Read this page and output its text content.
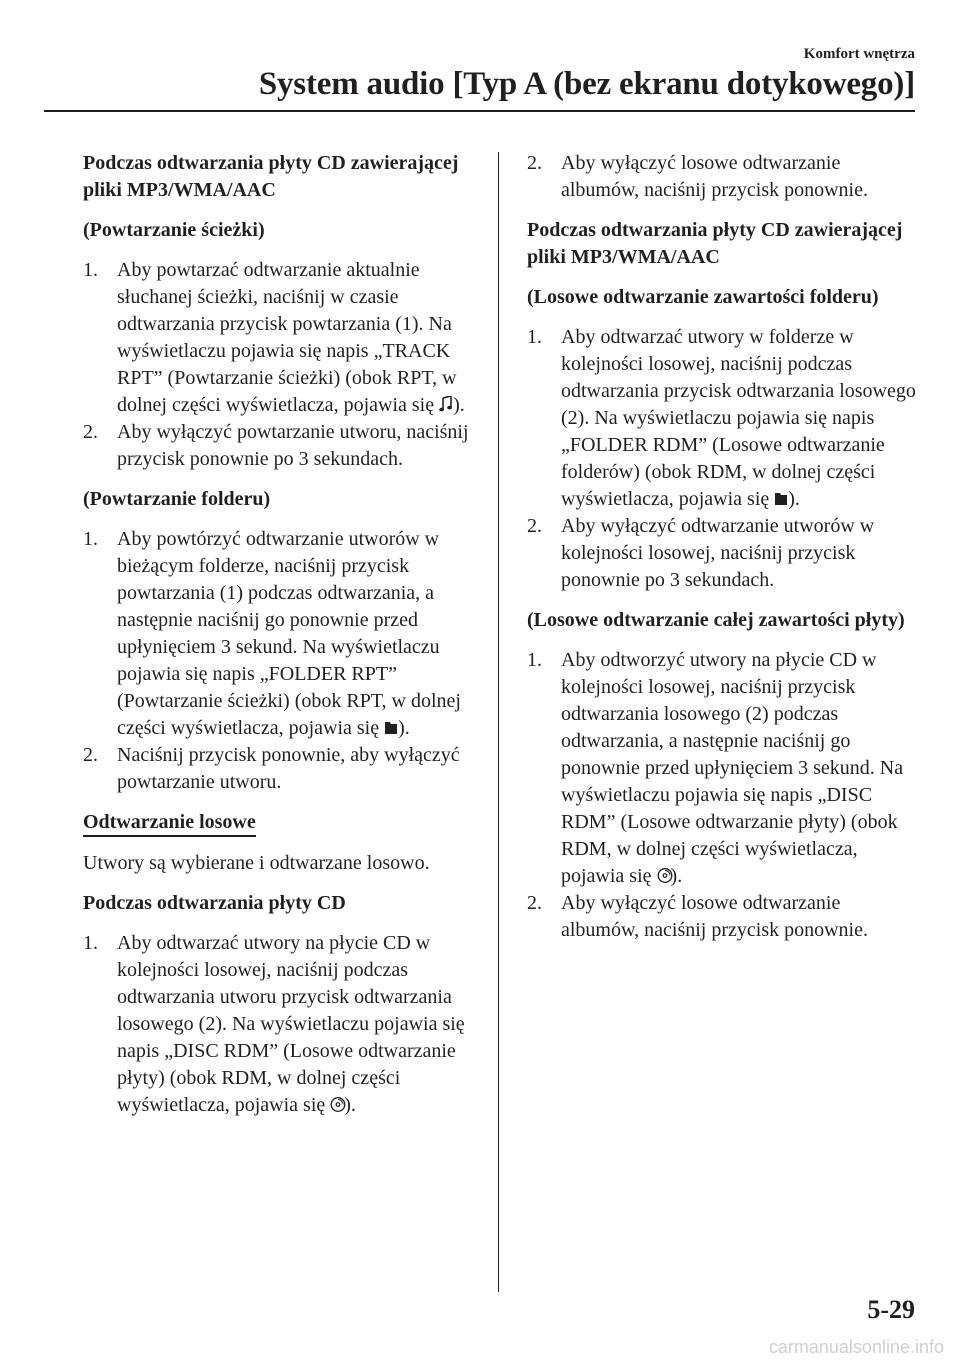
Komfort wnętrza
System audio [Typ A (bez ekranu dotykowego)]
Podczas odtwarzania płyty CD zawierającej pliki MP3/WMA/AAC
(Powtarzanie ścieżki)
1. Aby powtarzać odtwarzanie aktualnie słuchanej ścieżki, naciśnij w czasie odtwarzania przycisk powtarzania (1). Na wyświetlaczu pojawia się napis „TRACK RPT” (Powtarzanie ścieżki) (obok RPT, w dolnej części wyświetlacza, pojawia się ).
2. Aby wyłączyć powtarzanie utworu, naciśnij przycisk ponownie po 3 sekundach.
(Powtarzanie folderu)
1. Aby powtórzyć odtwarzanie utworów w bieżącym folderze, naciśnij przycisk powtarzania (1) podczas odtwarzania, a następnie naciśnij go ponownie przed upłynięciem 3 sekund. Na wyświetlaczu pojawia się napis „FOLDER RPT” (Powtarzanie ścieżki) (obok RPT, w dolnej części wyświetlacza, pojawia się ).
2. Naciśnij przycisk ponownie, aby wyłączyć powtarzanie utworu.
Odtwarzanie losowe
Utwory są wybierane i odtwarzane losowo.
Podczas odtwarzania płyty CD
1. Aby odtwarzać utwory na płycie CD w kolejności losowej, naciśnij podczas odtwarzania utworu przycisk odtwarzania losowego (2). Na wyświetlaczu pojawia się napis „DISC RDM” (Losowe odtwarzanie płyty) (obok RDM, w dolnej części wyświetlacza, pojawia się ).
2. Aby wyłączyć losowe odtwarzanie albumów, naciśnij przycisk ponownie.
Podczas odtwarzania płyty CD zawierającej pliki MP3/WMA/AAC
(Losowe odtwarzanie zawartości folderu)
1. Aby odtwarzać utwory w folderze w kolejności losowej, naciśnij podczas odtwarzania przycisk odtwarzania losowego (2). Na wyświetlaczu pojawia się napis „FOLDER RDM” (Losowe odtwarzanie folderów) (obok RDM, w dolnej części wyświetlacza, pojawia się ).
2. Aby wyłączyć odtwarzanie utworów w kolejności losowej, naciśnij przycisk ponownie po 3 sekundach.
(Losowe odtwarzanie całej zawartości płyty)
1. Aby odtworzyć utwory na płycie CD w kolejności losowej, naciśnij przycisk odtwarzania losowego (2) podczas odtwarzania, a następnie naciśnij go ponownie przed upłynięciem 3 sekund. Na wyświetlaczu pojawia się napis „DISC RDM” (Losowe odtwarzanie płyty) (obok RDM, w dolnej części wyświetlacza, pojawia się ).
2. Aby wyłączyć losowe odtwarzanie albumów, naciśnij przycisk ponownie.
5-29
carmanualsonline.info
